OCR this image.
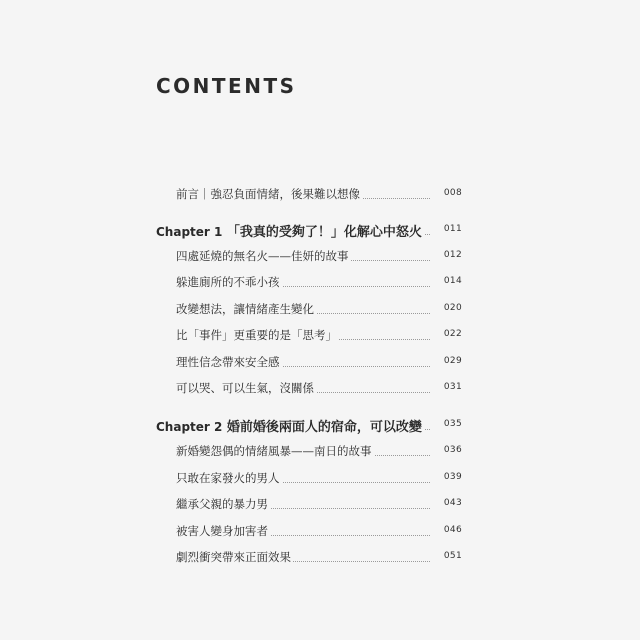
CONTENTS
前言｜強忍負面情緒，後果難以想像	008
Chapter 1 「我真的受夠了！」化解心中怒火 011
四處延燒的無名火——佳妍的故事	012
躲進廁所的不乖小孩	014
改變想法，讓情緒產生變化	020
比「事件」更重要的是「思考」	022
理性信念帶來安全感	029
可以哭、可以生氣，沒關係	031
Chapter 2 婚前婚後兩面人的宿命，可以改變 035
新婚變怨偶的情緒風暴——南日的故事	036
只敢在家發火的男人	039
繼承父親的暴力男	043
被害人變身加害者	046
劇烈衝突帶來正面效果	051
